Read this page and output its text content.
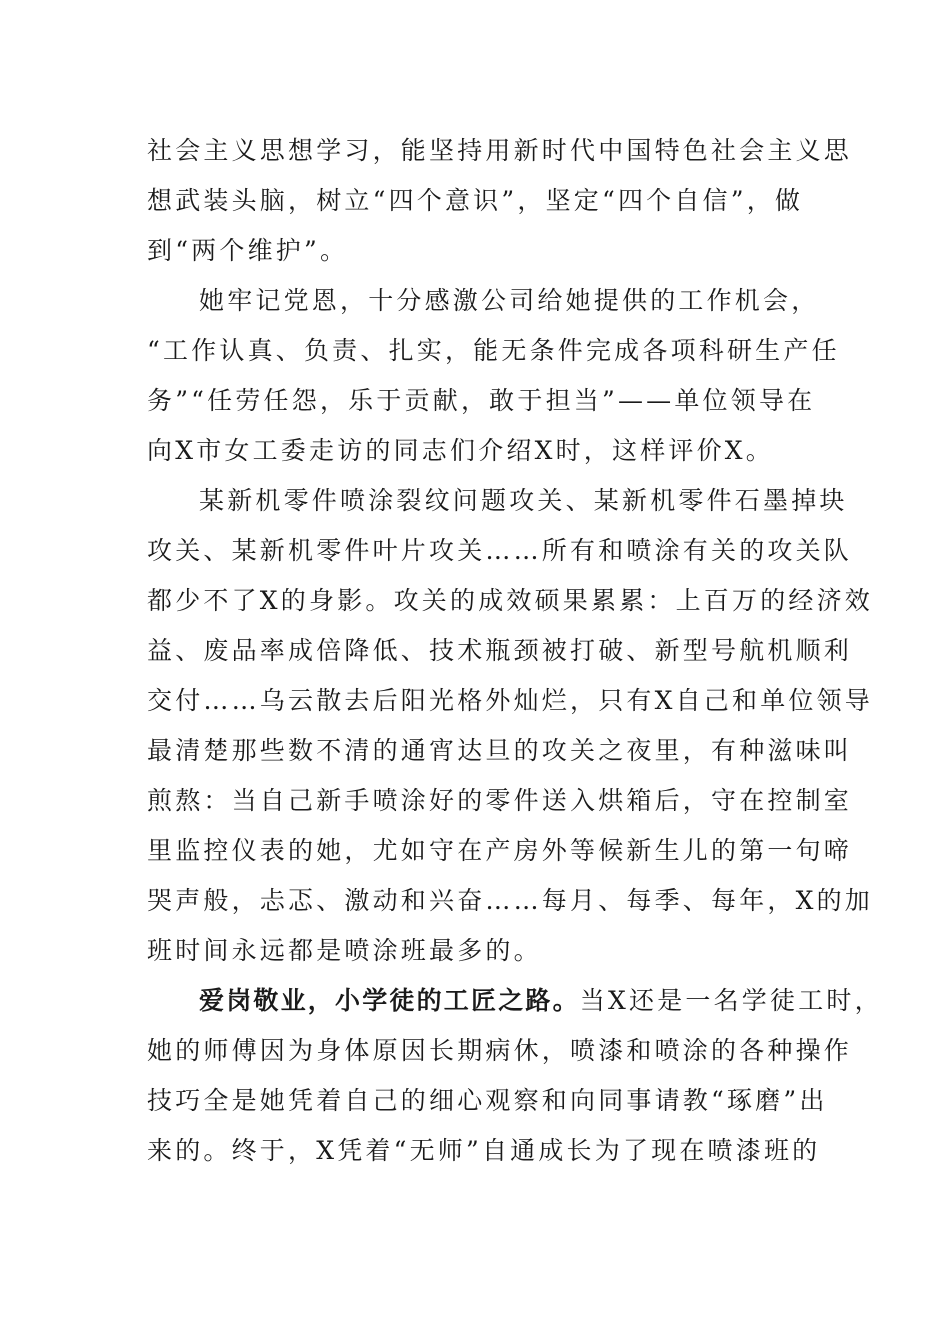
社会主义思想学习，能坚持用新时代中国特色社会主义思
想武装头脑，树立“四个意识”，坚定“四个自信”，做
到“两个维护”。
她牢记党恩，十分感激公司给她提供的工作机会，
“工作认真、负责、扎实，能无条件完成各项科研生产任
务”“任劳任怨，乐于贡献，敢于担当”——单位领导在
向X市女工委走访的同志们介绍X时，这样评价X。
某新机零件喷涂裂纹问题攻关、某新机零件石墨掉块
攻关、某新机零件叶片攻关……所有和喷涂有关的攻关队
都少不了X的身影。攻关的成效硕果累累：上百万的经济效
益、废品率成倍降低、技术瓶颈被打破、新型号航机顺利
交付……乌云散去后阳光格外灿烂，只有X自己和单位领导
最清楚那些数不清的通宵达旦的攻关之夜里，有种滋味叫
煎熬：当自己新手喷涂好的零件送入烘箱后，守在控制室
里监控仪表的她，尤如守在产房外等候新生儿的第一句啼
哭声般，忐忑、激动和兴奋……每月、每季、每年，X的加
班时间永远都是喷涂班最多的。
爱岗敬业，小学徒的工匠之路。当X还是一名学徒工时，
她的师傅因为身体原因长期病休，喷漆和喷涂的各种操作
技巧全是她凭着自己的细心观察和向同事请教“琢磨”出
来的。终于，X凭着“无师”自通成长为了现在喷漆班的
